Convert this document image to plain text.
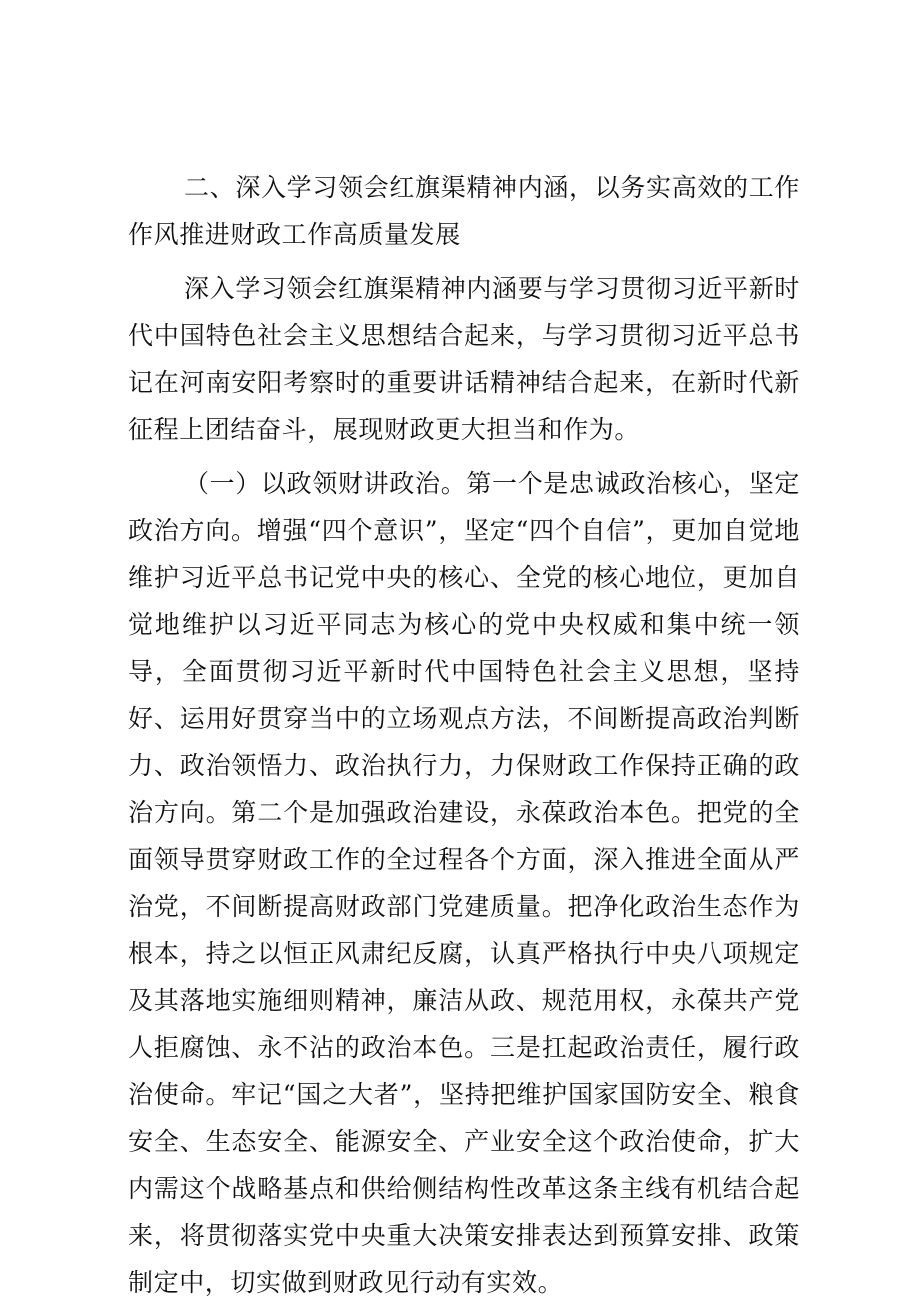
二、深入学习领会红旗渠精神内涵，以务实高效的工作作风推进财政工作高质量发展

深入学习领会红旗渠精神内涵要与学习贯彻习近平新时代中国特色社会主义思想结合起来，与学习贯彻习近平总书记在河南安阳考察时的重要讲话精神结合起来，在新时代新征程上团结奋斗，展现财政更大担当和作为。

（一）以政领财讲政治。第一个是忠诚政治核心，坚定政治方向。增强“四个意识”，坚定“四个自信”，更加自觉地维护习近平总书记党中央的核心、全党的核心地位，更加自觉地维护以习近平同志为核心的党中央权威和集中统一领导，全面贯彻习近平新时代中国特色社会主义思想，坚持好、运用好贯穿当中的立场观点方法，不间断提高政治判断力、政治领悟力、政治执行力，力保财政工作保持正确的政治方向。第二个是加强政治建设，永葆政治本色。把党的全面领导贯穿财政工作的全过程各个方面，深入推进全面从严治党，不间断提高财政部门党建质量。把净化政治生态作为根本，持之以恒正风肃纪反腐，认真严格执行中央八项规定及其落地实施细则精神，廉洁从政、规范用权，永葆共产党人拒腐蚀、永不沾的政治本色。三是扛起政治责任，履行政治使命。牢记“国之大者”，坚持把维护国家国防安全、粮食安全、生态安全、能源安全、产业安全这个政治使命，扩大内需这个战略基点和供给侧结构性改革这条主线有机结合起来，将贯彻落实党中央重大决策安排表达到预算安排、政策制定中，切实做到财政见行动有实效。
